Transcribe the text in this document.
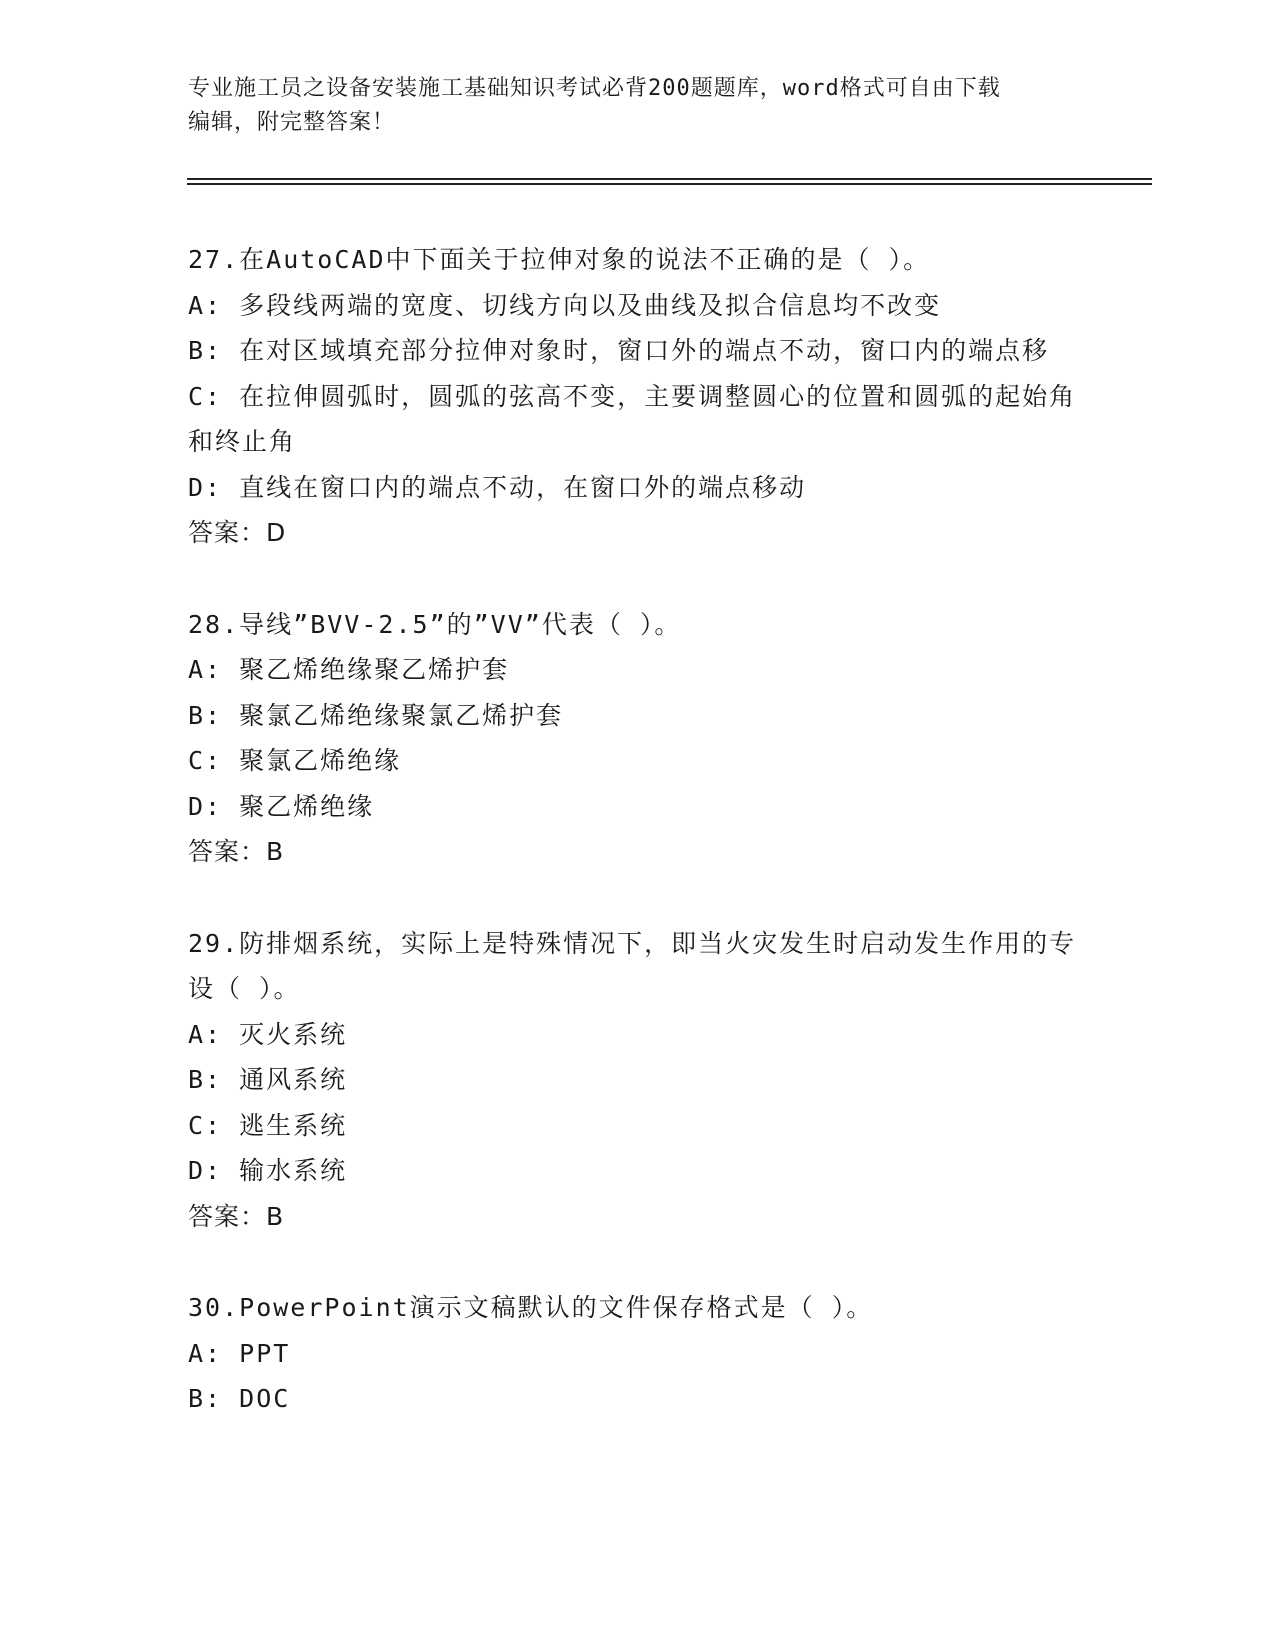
专业施工员之设备安装施工基础知识考试必背200题题库，word格式可自由下载
编辑，附完整答案！
27.在AutoCAD中下面关于拉伸对象的说法不正确的是（ ）。
A: 多段线两端的宽度、切线方向以及曲线及拟合信息均不改变
B: 在对区域填充部分拉伸对象时，窗口外的端点不动，窗口内的端点移
C: 在拉伸圆弧时，圆弧的弦高不变，主要调整圆心的位置和圆弧的起始角和终止角
D: 直线在窗口内的端点不动，在窗口外的端点移动
答案：D
28.导线”BVV-2.5”的”VV”代表（ ）。
A: 聚乙烯绝缘聚乙烯护套
B: 聚氯乙烯绝缘聚氯乙烯护套
C: 聚氯乙烯绝缘
D: 聚乙烯绝缘
答案：B
29.防排烟系统，实际上是特殊情况下，即当火灾发生时启动发生作用的专设（ ）。
A: 灭火系统
B: 通风系统
C: 逃生系统
D: 输水系统
答案：B
30.PowerPoint演示文稿默认的文件保存格式是（ ）。
A: PPT
B: DOC
